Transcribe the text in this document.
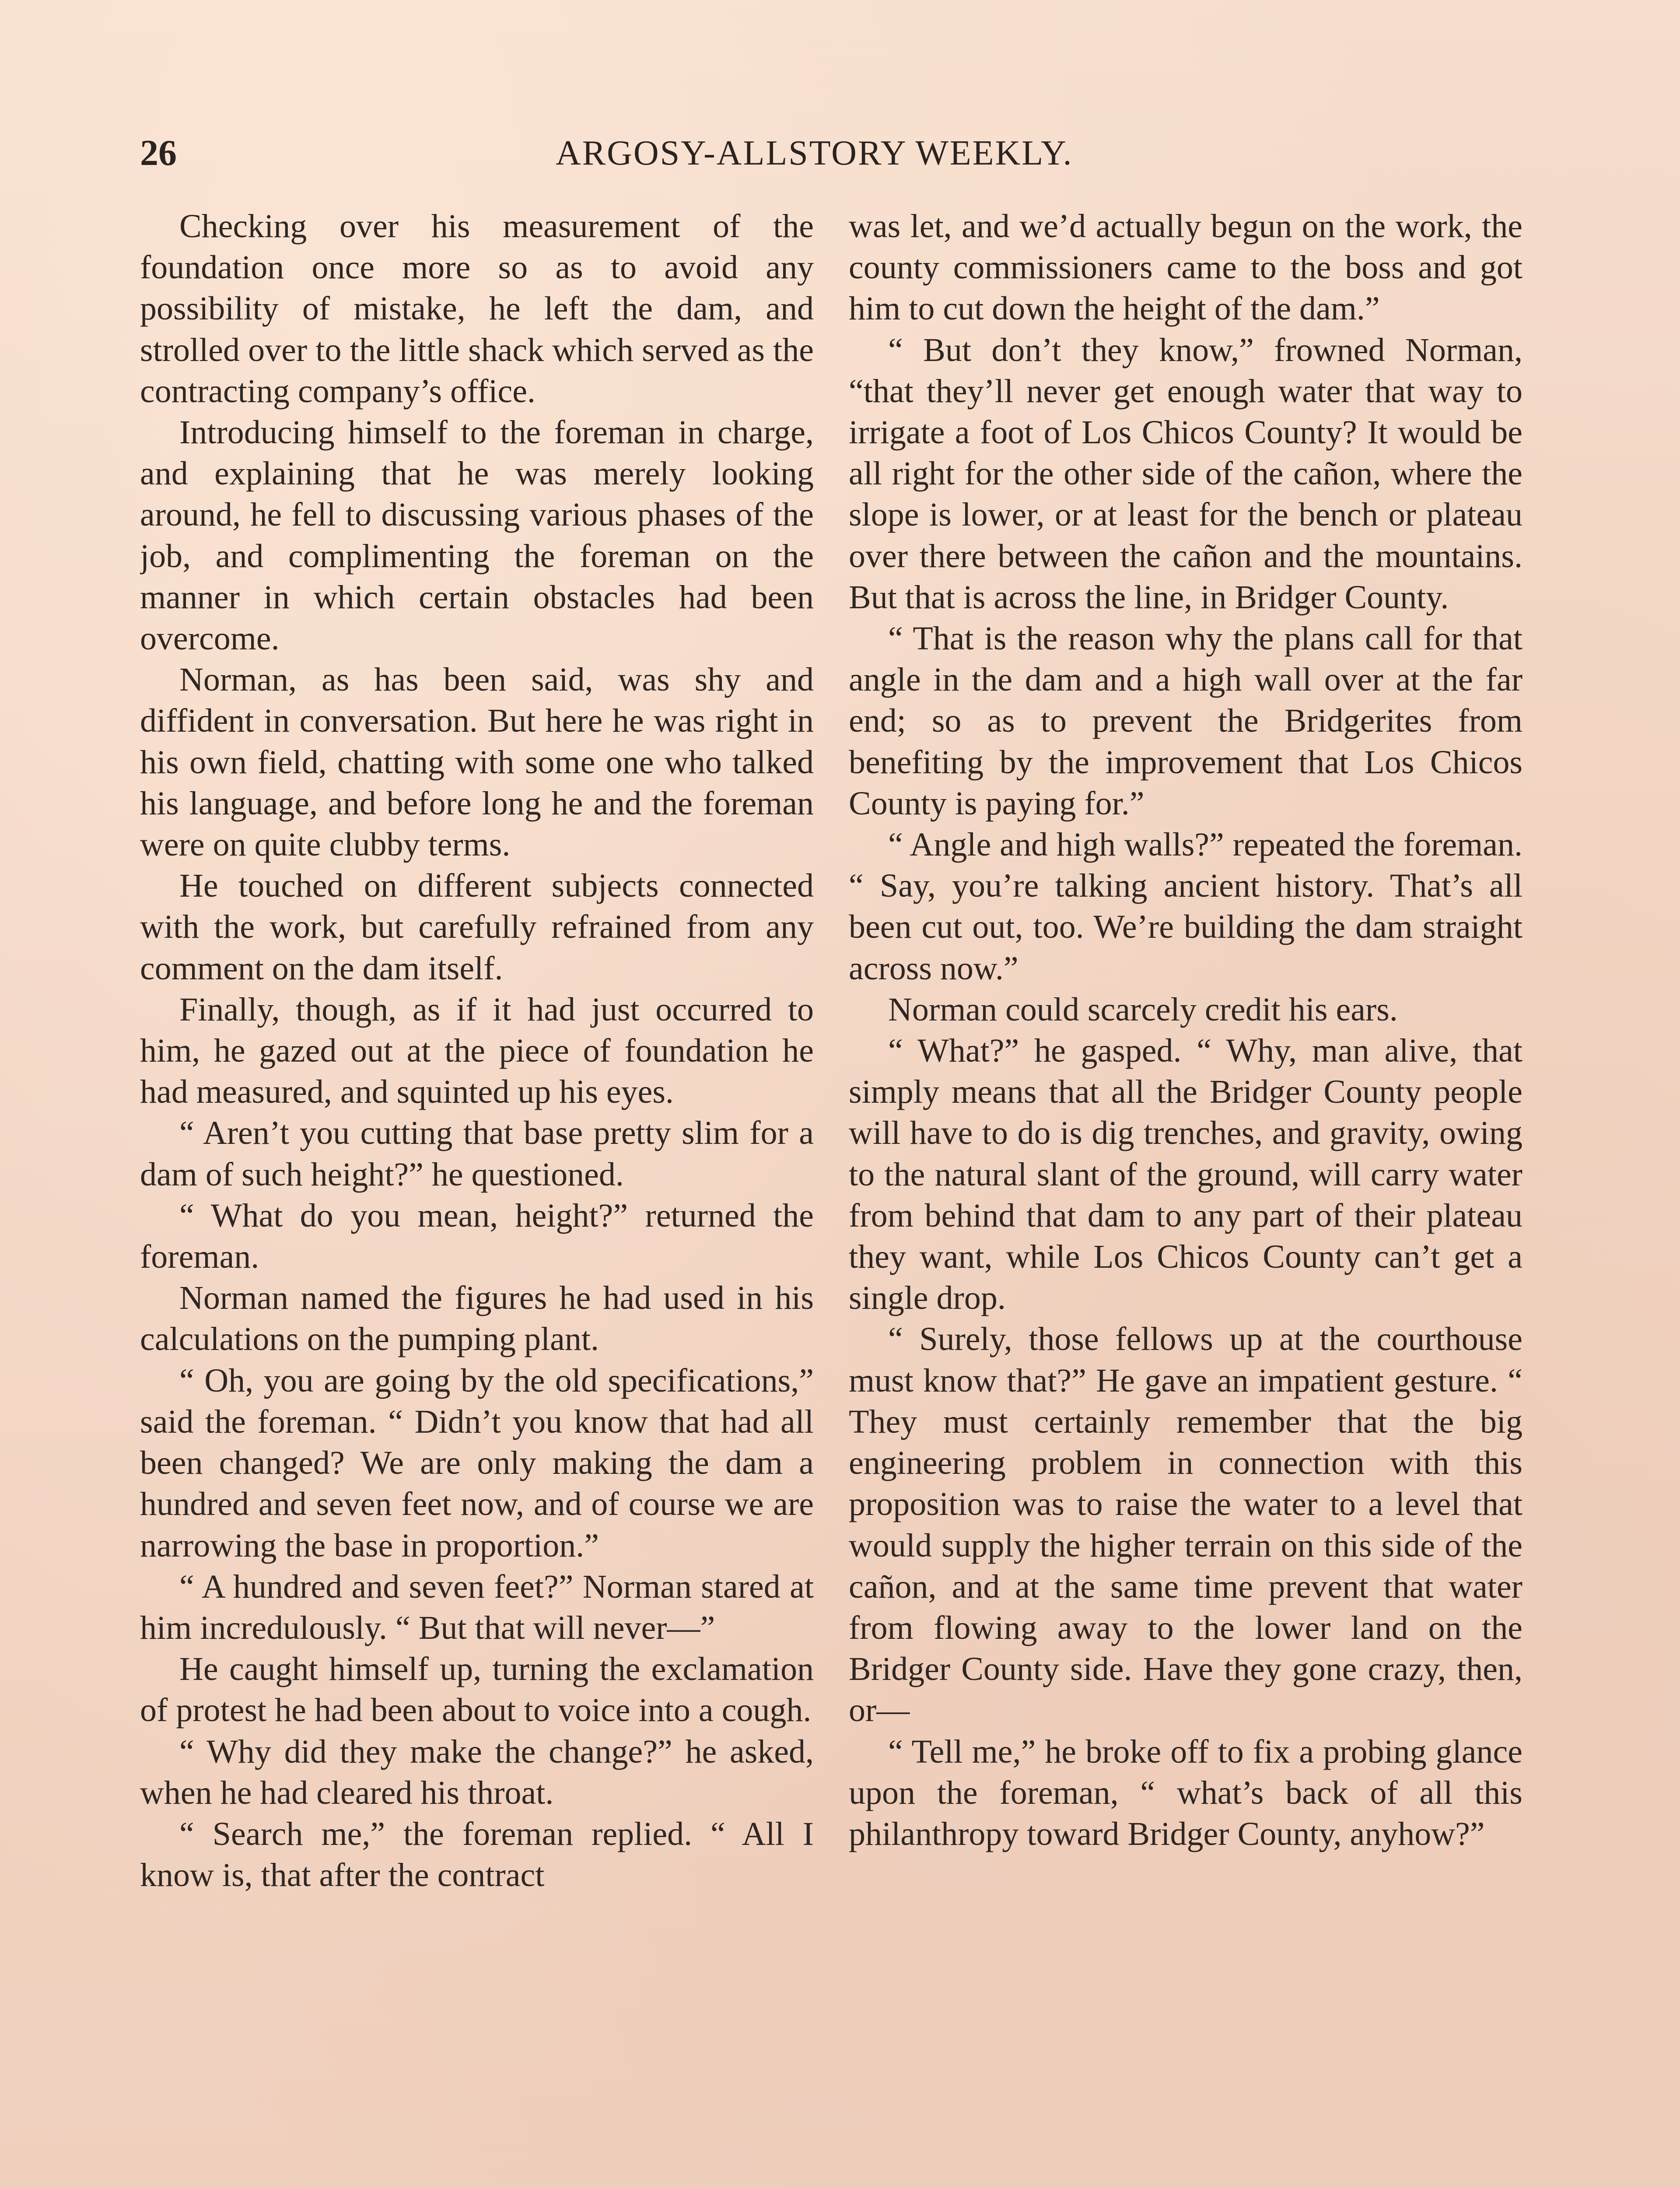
26	ARGOSY-ALLSTORY WEEKLY.

Checking over his measurement of the foundation once more so as to avoid any possibility of mistake, he left the dam, and strolled over to the little shack which served as the contracting company’s office.

Introducing himself to the foreman in charge, and explaining that he was merely looking around, he fell to discussing various phases of the job, and complimenting the foreman on the manner in which certain obstacles had been overcome.

Norman, as has been said, was shy and diffident in conversation. But here he was right in his own field, chatting with some one who talked his language, and before long he and the foreman were on quite clubby terms.

He touched on different subjects connected with the work, but carefully refrained from any comment on the dam itself.

Finally, though, as if it had just occurred to him, he gazed out at the piece of foundation he had measured, and squinted up his eyes.

“ Aren’t you cutting that base pretty slim for a dam of such height?” he questioned.

“ What do you mean, height?” returned the foreman.

Norman named the figures he had used in his calculations on the pumping plant.

“ Oh, you are going by the old specifications,” said the foreman. “ Didn’t you know that had all been changed? We are only making the dam a hundred and seven feet now, and of course we are narrowing the base in proportion.”

“ A hundred and seven feet?” Norman stared at him incredulously. “ But that will never—”

He caught himself up, turning the exclamation of protest he had been about to voice into a cough.

“ Why did they make the change?” he asked, when he had cleared his throat.

“ Search me,” the foreman replied. “ All I know is, that after the contract

was let, and we’d actually begun on the work, the county commissioners came to the boss and got him to cut down the height of the dam.”

“ But don’t they know,” frowned Norman, “that they’ll never get enough water that way to irrigate a foot of Los Chicos County? It would be all right for the other side of the cañon, where the slope is lower, or at least for the bench or plateau over there between the cañon and the mountains. But that is across the line, in Bridger County.

“ That is the reason why the plans call for that angle in the dam and a high wall over at the far end; so as to prevent the Bridgerites from benefiting by the improvement that Los Chicos County is paying for.”

“ Angle and high walls?” repeated the foreman. “ Say, you’re talking ancient history. That’s all been cut out, too. We’re building the dam straight across now.”

Norman could scarcely credit his ears.

“ What?” he gasped. “ Why, man alive, that simply means that all the Bridger County people will have to do is dig trenches, and gravity, owing to the natural slant of the ground, will carry water from behind that dam to any part of their plateau they want, while Los Chicos County can’t get a single drop.

“ Surely, those fellows up at the courthouse must know that?” He gave an impatient gesture. “ They must certainly remember that the big engineering problem in connection with this proposition was to raise the water to a level that would supply the higher terrain on this side of the cañon, and at the same time prevent that water from flowing away to the lower land on the Bridger County side. Have they gone crazy, then, or—

“ Tell me,” he broke off to fix a probing glance upon the foreman, “ what’s back of all this philanthropy toward Bridger County, anyhow?”
